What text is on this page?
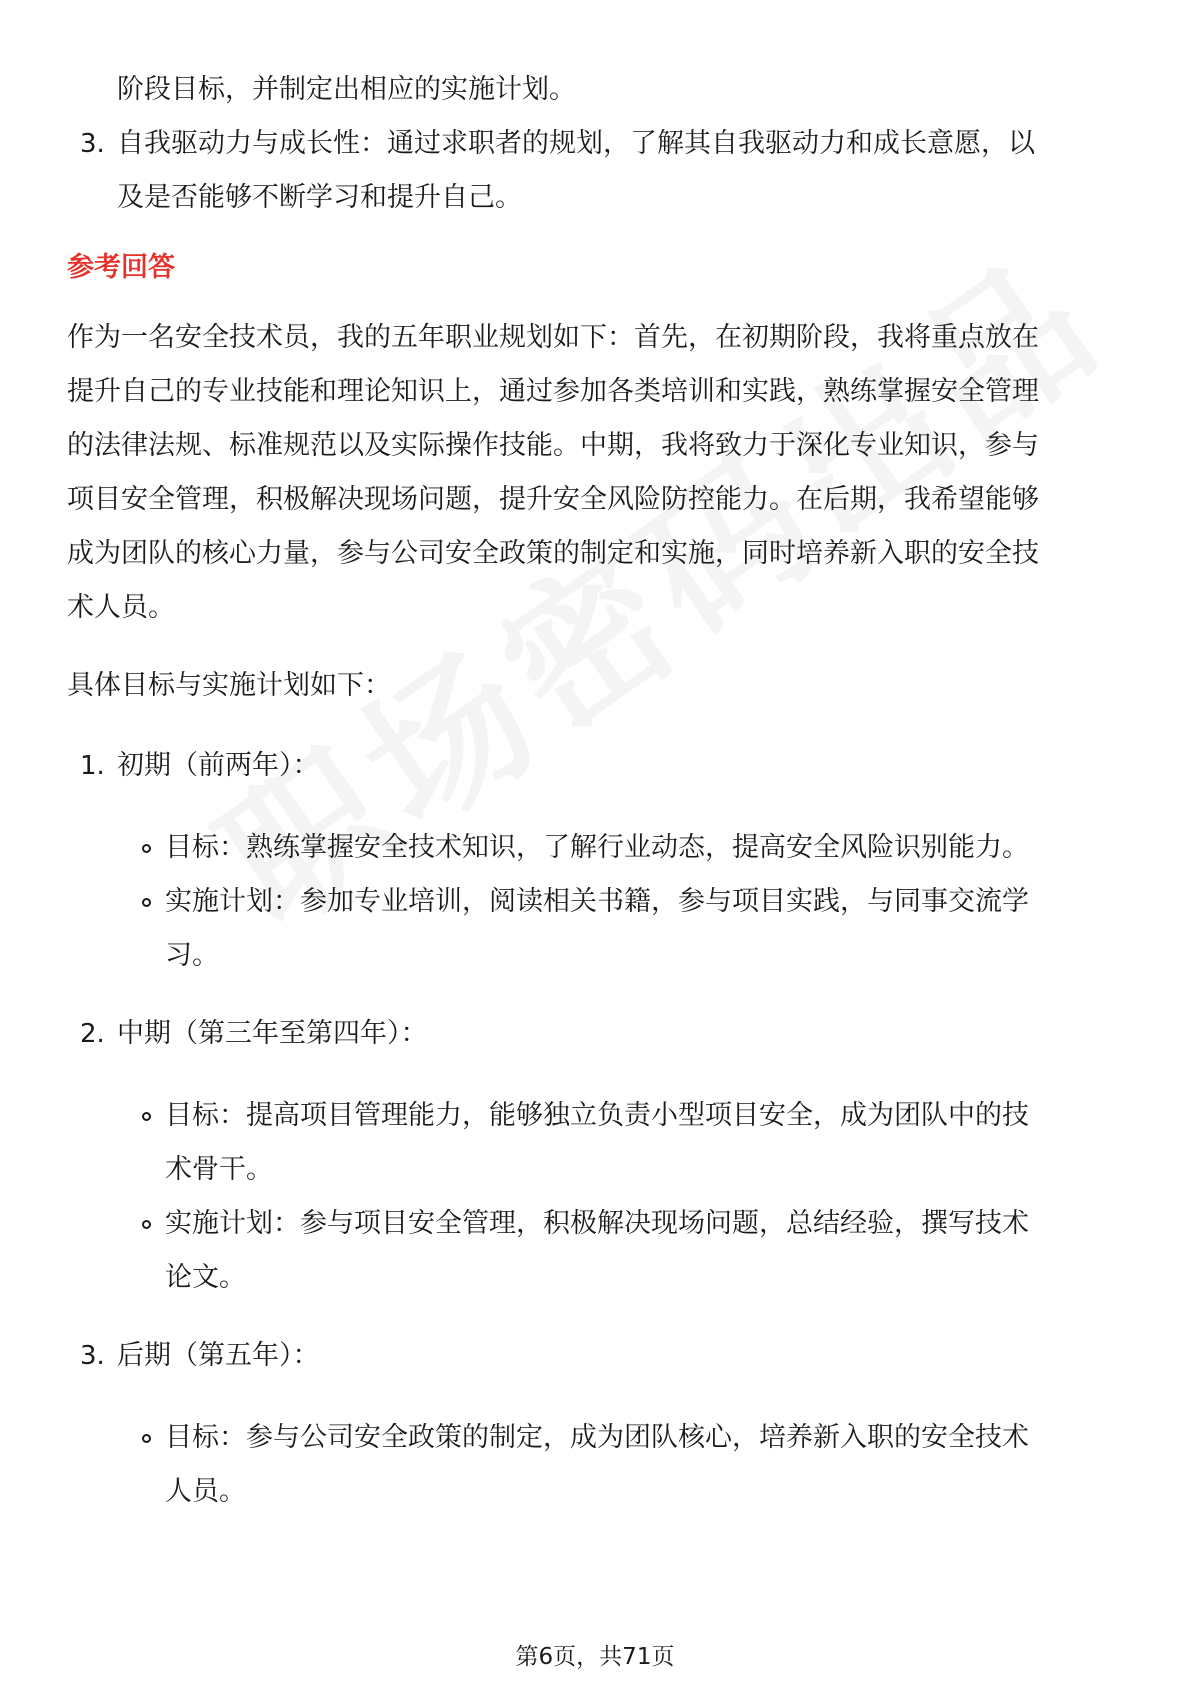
阶段目标，并制定出相应的实施计划。
3. 自我驱动力与成长性：通过求职者的规划，了解其自我驱动力和成长意愿，以
及是否能够不断学习和提升自己。
参考回答
作为一名安全技术员，我的五年职业规划如下：首先，在初期阶段，我将重点放在
提升自己的专业技能和理论知识上，通过参加各类培训和实践，熟练掌握安全管理
的法律法规、标准规范以及实际操作技能。中期，我将致力于深化专业知识，参与
项目安全管理，积极解决现场问题，提升安全风险防控能力。在后期，我希望能够
成为团队的核心力量，参与公司安全政策的制定和实施，同时培养新入职的安全技
术人员。
具体目标与实施计划如下：
1. 初期（前两年）：
目标：熟练掌握安全技术知识，了解行业动态，提高安全风险识别能力。
实施计划：参加专业培训，阅读相关书籍，参与项目实践，与同事交流学
习。
2. 中期（第三年至第四年）：
目标：提高项目管理能力，能够独立负责小型项目安全，成为团队中的技
术骨干。
实施计划：参与项目安全管理，积极解决现场问题，总结经验，撰写技术
论文。
3. 后期（第五年）：
目标：参与公司安全政策的制定，成为团队核心，培养新入职的安全技术
人员。
第6页，共71页
